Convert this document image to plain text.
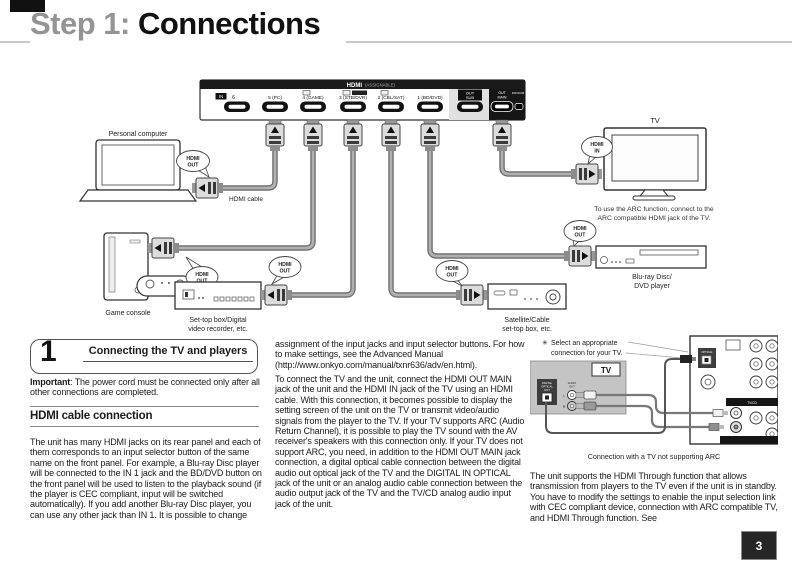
Step 1: Connections
HDMI cable
HDMI (ASSIGNABLE)
IN 6	5 (PC)	4 (GAME)	3 (STB/DVR) 2 (CBL/SAT)	1 (BD/DVD)
OUT
SUB
OUT
MAIN
DOCK/IR
Personal computer
HDMI
OUT
TV
To use the ARC function, connect to the
ARC compatible HDMI jack of the TV.
HDMI
IN
Game console
HDMI
Set-top box/Digital
video recorder, etc.
HDMI
OUT
Satellite/Cable
set-top box, etc.
HDMI
OUT	Blu-ray Disc/
DVD player
HDMI
OUT
1	Connecting the TV and players
Important: The power cord must be connected only after all other connections are completed.
HDMI cable connection
The unit has many HDMI jacks on its rear panel and each of them corresponds to an input selector button of the same name on the front panel. For example, a Blu-ray Disc player will be connected to the IN 1 jack and the BD/DVD button on the front panel will be used to listen to the playback sound (if the player is CEC compliant, input will be switched automatically). If you add another Blu-ray Disc player, you can use any other jack than IN 1. It is possible to change
assignment of the input jacks and input selector buttons. For how to make settings, see the Advanced Manual (http://www.onkyo.com/manual/txnr636/adv/en.html).
To connect the TV and the unit, connect the HDMI OUT MAIN jack of the unit and the HDMI IN jack of the TV using an HDMI cable. With this connection, it becomes possible to display the setting screen of the unit on the TV or transmit video/audio signals from the player to the TV. If your TV supports ARC (Audio Return Channel), it is possible to play the TV sound with the AV receiver's speakers with this connection only. If your TV does not support ARC, you need, in addition to the HDMI OUT MAIN jack connection, a digital optical cable connection between the digital audio out optical jack of the TV and the DIGITAL IN OPTICAL jack of the unit or an analog audio cable connection between the audio output jack of the TV and the TV/CD analog audio input jack of the unit.
✳ Select an appropriate
connection for your TV.
TV/CD
OPTICAL
TV
DIGITAL
OPTICAL
OUT
AUDIO
OUT
L
R
Connection with a TV not supporting ARC
The unit supports the HDMI Through function that allows transmission from players to the TV even if the unit is in standby. You have to modify the settings to enable the input selection link with CEC compliant device, connection with ARC compatible TV, and HDMI Through function. See
3
